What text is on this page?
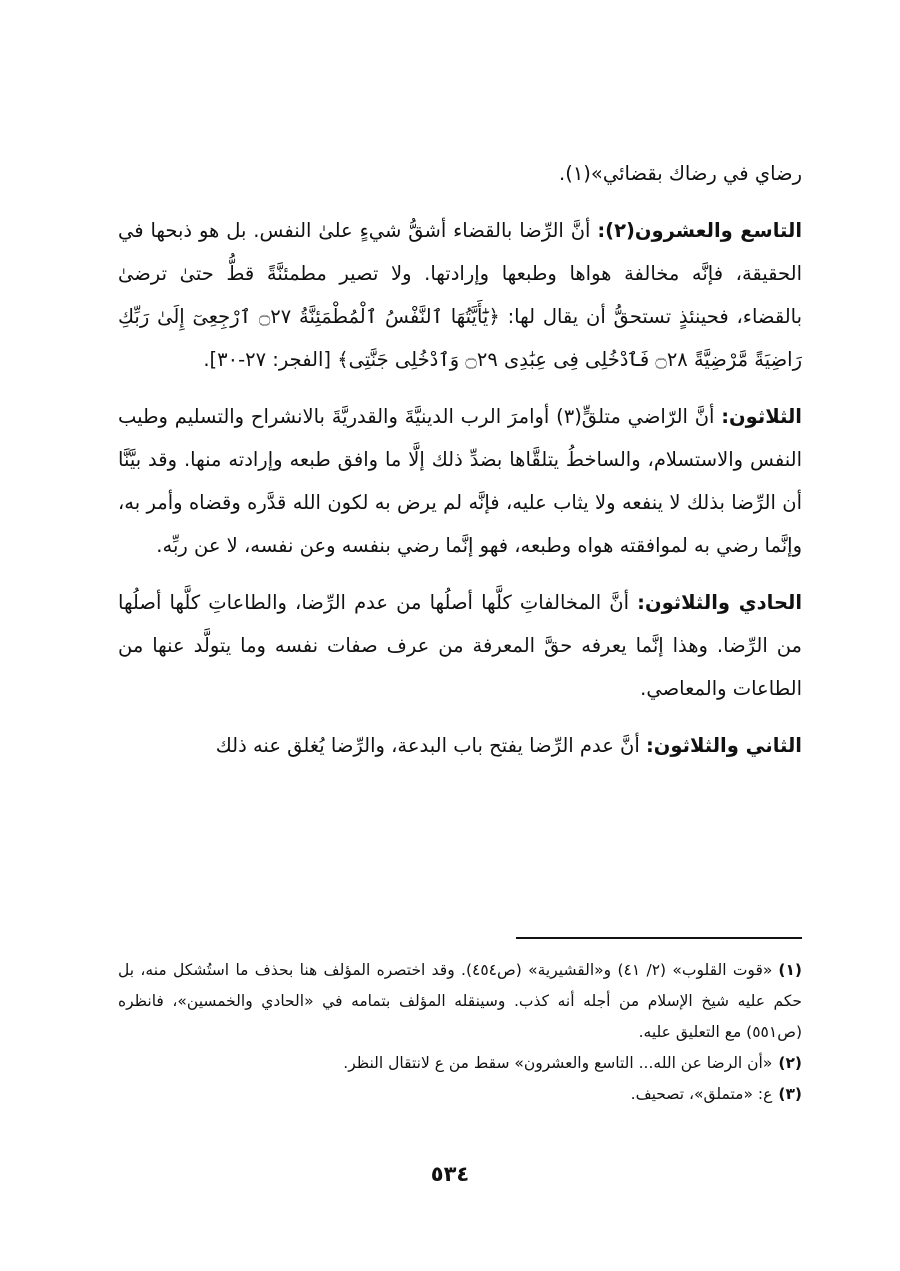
رضاي في رضاك بقضائي»(١).

التاسع والعشرون(٢): أنَّ الرِّضا بالقضاء أشقُّ شيءٍ علىٰ النفس. بل هو ذبحها في الحقيقة، فإنَّه مخالفة هواها وطبعها وإرادتها. ولا تصير مطمئنَّةً قطُّ حتىٰ ترضىٰ بالقضاء، فحينئذٍ تستحقُّ أن يقال لها: ﴿يَٰٓأَيَّتُهَا ٱلنَّفْسُ ٱلْمُطْمَئِنَّةُ ۝٢٧ ٱرْجِعِىٓ إِلَىٰ رَبِّكِ رَاضِيَةً مَّرْضِيَّةً ۝٢٨ فَٱدْخُلِى فِى عِبَٰدِى ۝٢٩ وَٱدْخُلِى جَنَّتِى﴾ [الفجر: ٢٧-٣٠].

الثلاثون: أنَّ الرّاضي متلقٍّ(٣) أوامرَ الرب الدينيَّةَ والقدريَّةَ بالانشراح والتسليم وطيب النفس والاستسلام، والساخطُ يتلقَّاها بضدِّ ذلك إلَّا ما وافق طبعه وإرادته منها. وقد بيَّنَّا أن الرِّضا بذلك لا ينفعه ولا يثاب عليه، فإنَّه لم يرض به لكون الله قدَّره وقضاه وأمر به، وإنَّما رضي به لموافقته هواه وطبعه، فهو إنَّما رضي بنفسه وعن نفسه، لا عن ربِّه.

الحادي والثلاثون: أنَّ المخالفاتِ كلَّها أصلُها من عدم الرِّضا، والطاعاتِ كلَّها أصلُها من الرِّضا. وهذا إنَّما يعرفه حقَّ المعرفة من عرف صفات نفسه وما يتولَّد عنها من الطاعات والمعاصي.

الثاني والثلاثون: أنَّ عدم الرِّضا يفتح باب البدعة، والرِّضا يُغلق عنه ذلك

(١)«قوت القلوب» (٢/ ٤١) و«القشيرية» (ص٤٥٤). وقد اختصره المؤلف هنا بحذف ما استُشكل منه، بل حكم عليه شيخ الإسلام من أجله أنه كذب. وسينقله المؤلف بتمامه في «الحادي والخمسين»، فانظره (ص٥٥١) مع التعليق عليه.

(٢)«أن الرضا عن الله... التاسع والعشرون» سقط من ع لانتقال النظر.

(٣)ع: «متملق»، تصحيف.

٥٣٤
